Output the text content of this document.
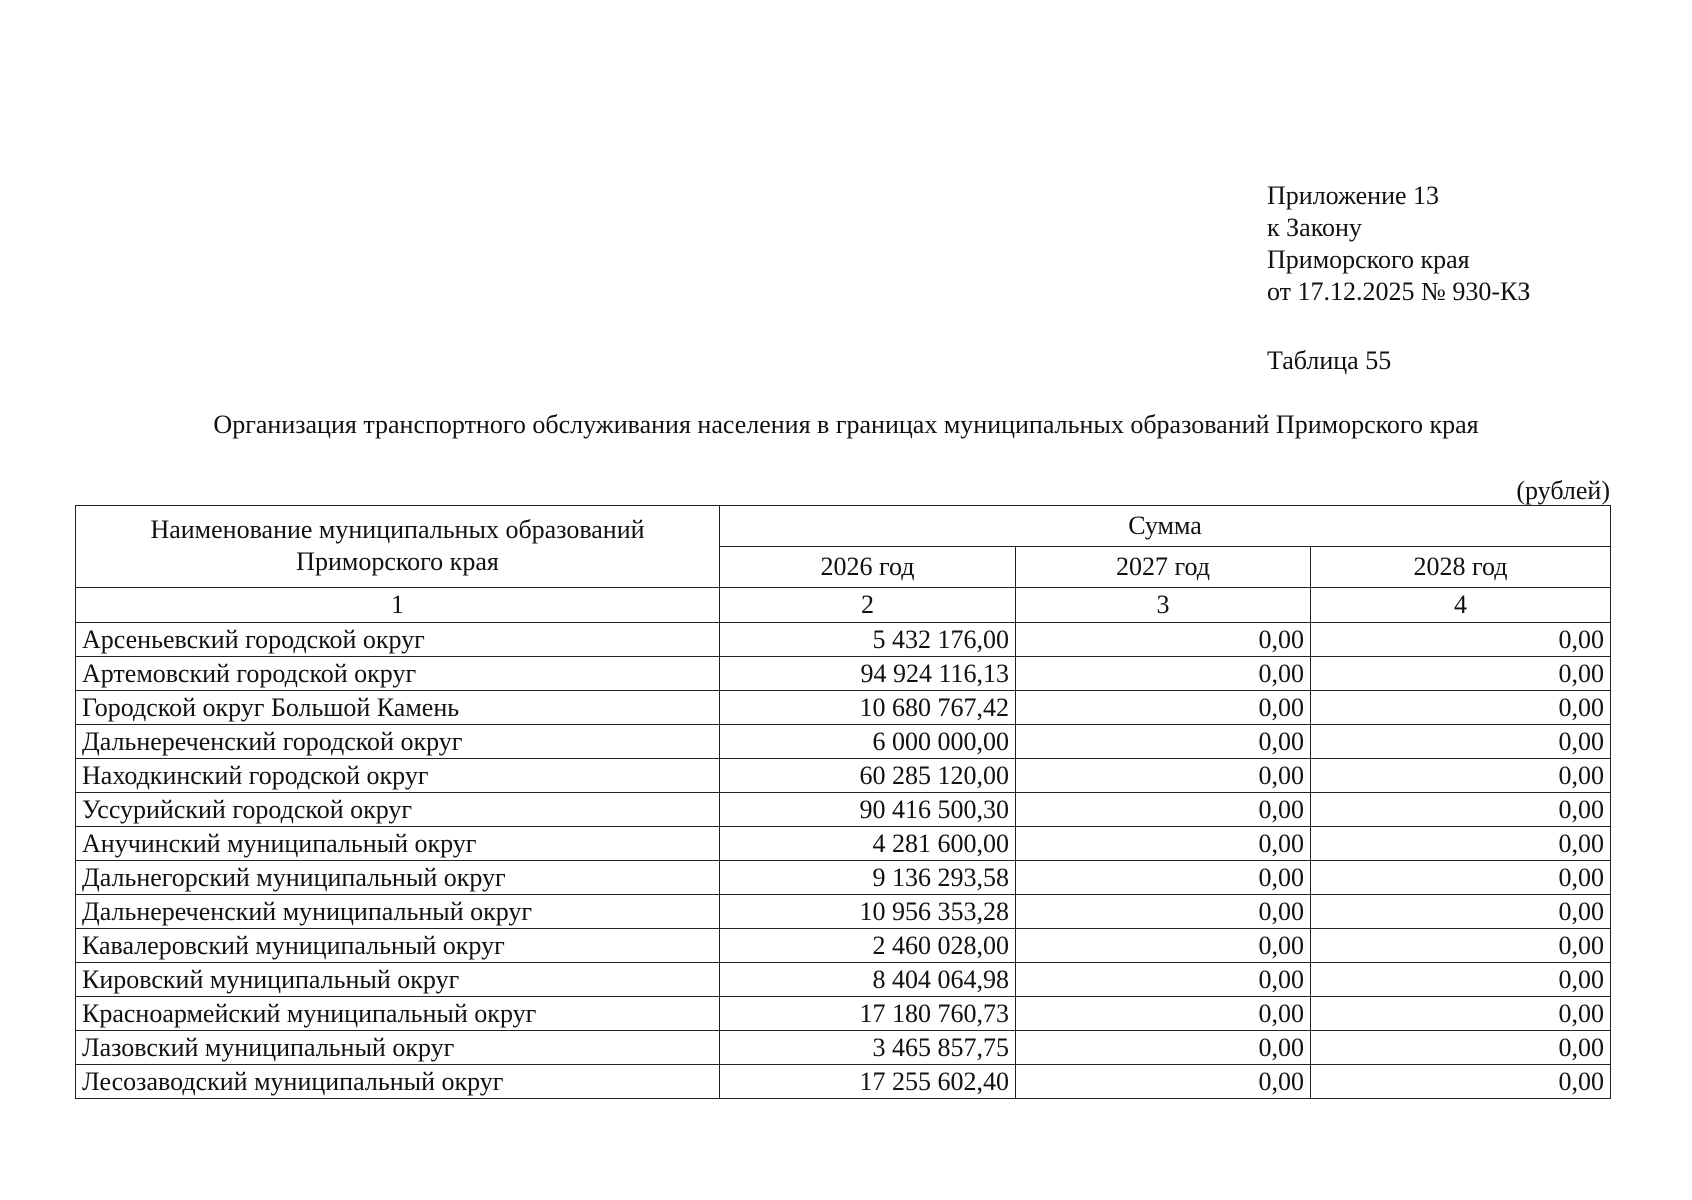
Приложение 13
к Закону
Приморского края
от 17.12.2025 № 930-КЗ
Таблица 55
Организация транспортного обслуживания населения в границах муниципальных образований Приморского края
(рублей)
Наименование муниципальных образований Приморского края	Сумма		
	2026 год	2027 год	2028 год
1	2	3	4
Арсеньевский городской округ	5 432 176,00	0,00	0,00
Артемовский городской округ	94 924 116,13	0,00	0,00
Городской округ Большой Камень	10 680 767,42	0,00	0,00
Дальнереченский городской округ	6 000 000,00	0,00	0,00
Находкинский городской округ	60 285 120,00	0,00	0,00
Уссурийский городской округ	90 416 500,30	0,00	0,00
Анучинский муниципальный округ	4 281 600,00	0,00	0,00
Дальнегорский муниципальный округ	9 136 293,58	0,00	0,00
Дальнереченский муниципальный округ	10 956 353,28	0,00	0,00
Кавалеровский муниципальный округ	2 460 028,00	0,00	0,00
Кировский муниципальный округ	8 404 064,98	0,00	0,00
Красноармейский муниципальный округ	17 180 760,73	0,00	0,00
Лазовский муниципальный округ	3 465 857,75	0,00	0,00
Лесозаводский муниципальный округ	17 255 602,40	0,00	0,00
